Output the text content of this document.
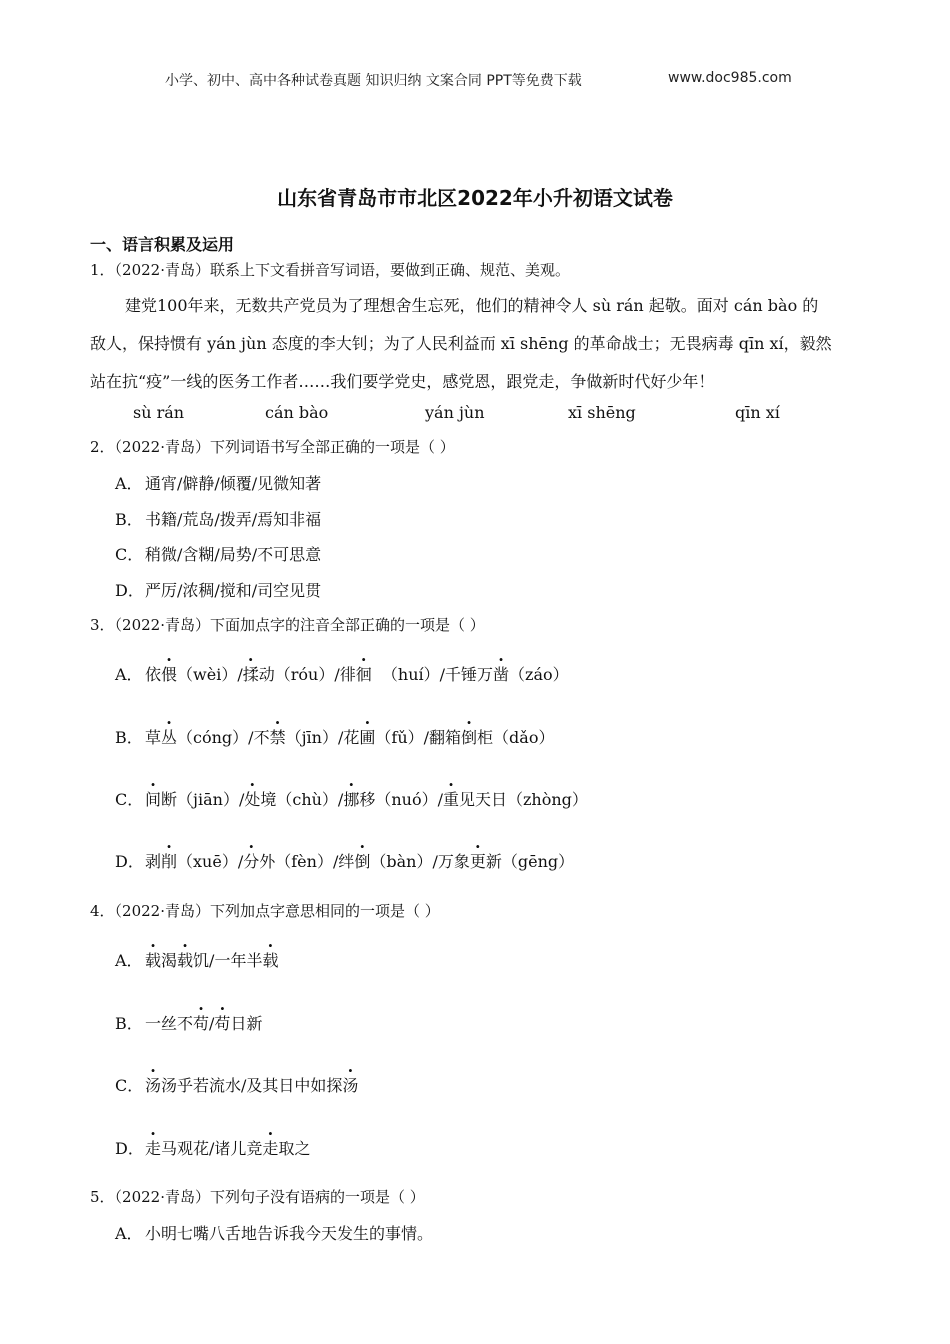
小学、初中、高中各种试卷真题 知识归纳 文案合同 PPT等免费下载	www.doc985.com
山东省青岛市市北区2022年小升初语文试卷
一、语言积累及运用
1．（2022·青岛）联系上下文看拼音写词语，要做到正确、规范、美观。
建党100年来，无数共产党员为了理想舍生忘死，他们的精神令人 sù rán 起敬。面对 cán bào 的
敌人，保持惯有 yán jùn 态度的李大钊；为了人民利益而 xī shēng 的革命战士；无畏病毒 qīn xí，毅然
站在抗“疫”一线的医务工作者……我们要学党史，感党恩，跟党走，争做新时代好少年！
sù rán	cán bào	yán jùn	xī shēng	qīn xí
2．（2022·青岛）下列词语书写全部正确的一项是（ ）
A． 通宵/僻静/倾覆/见微知著
B． 书籍/荒岛/拨弄/焉知非福
C． 稍微/含糊/局势/不可思意
D．严厉/浓稠/搅和/司空见贯
3．（2022·青岛）下面加点字的注音全部正确的一项是（ ）
A． 依偎（wèi）/揉动（róu）/徘徊  （huí）/千锤万凿（záo）
B． 草丛（cóng）/不禁（jīn）/花圃（fǔ）/翻箱倒柜（dǎo）
C． 间断（jiān）/处境（chù）/挪移（nuó）/重见天日（zhòng）
D．剥削（xuē）/分外（fèn）/绊倒（bàn）/万象更新（gēng）
4．（2022·青岛）下列加点字意思相同的一项是（ ）
A． 载渴载饥/一年半载
B． 一丝不苟/苟日新
C． 汤汤乎若流水/及其日中如探汤
D．走马观花/诸儿竞走取之
5．（2022·青岛）下列句子没有语病的一项是（ ）
A． 小明七嘴八舌地告诉我今天发生的事情。
